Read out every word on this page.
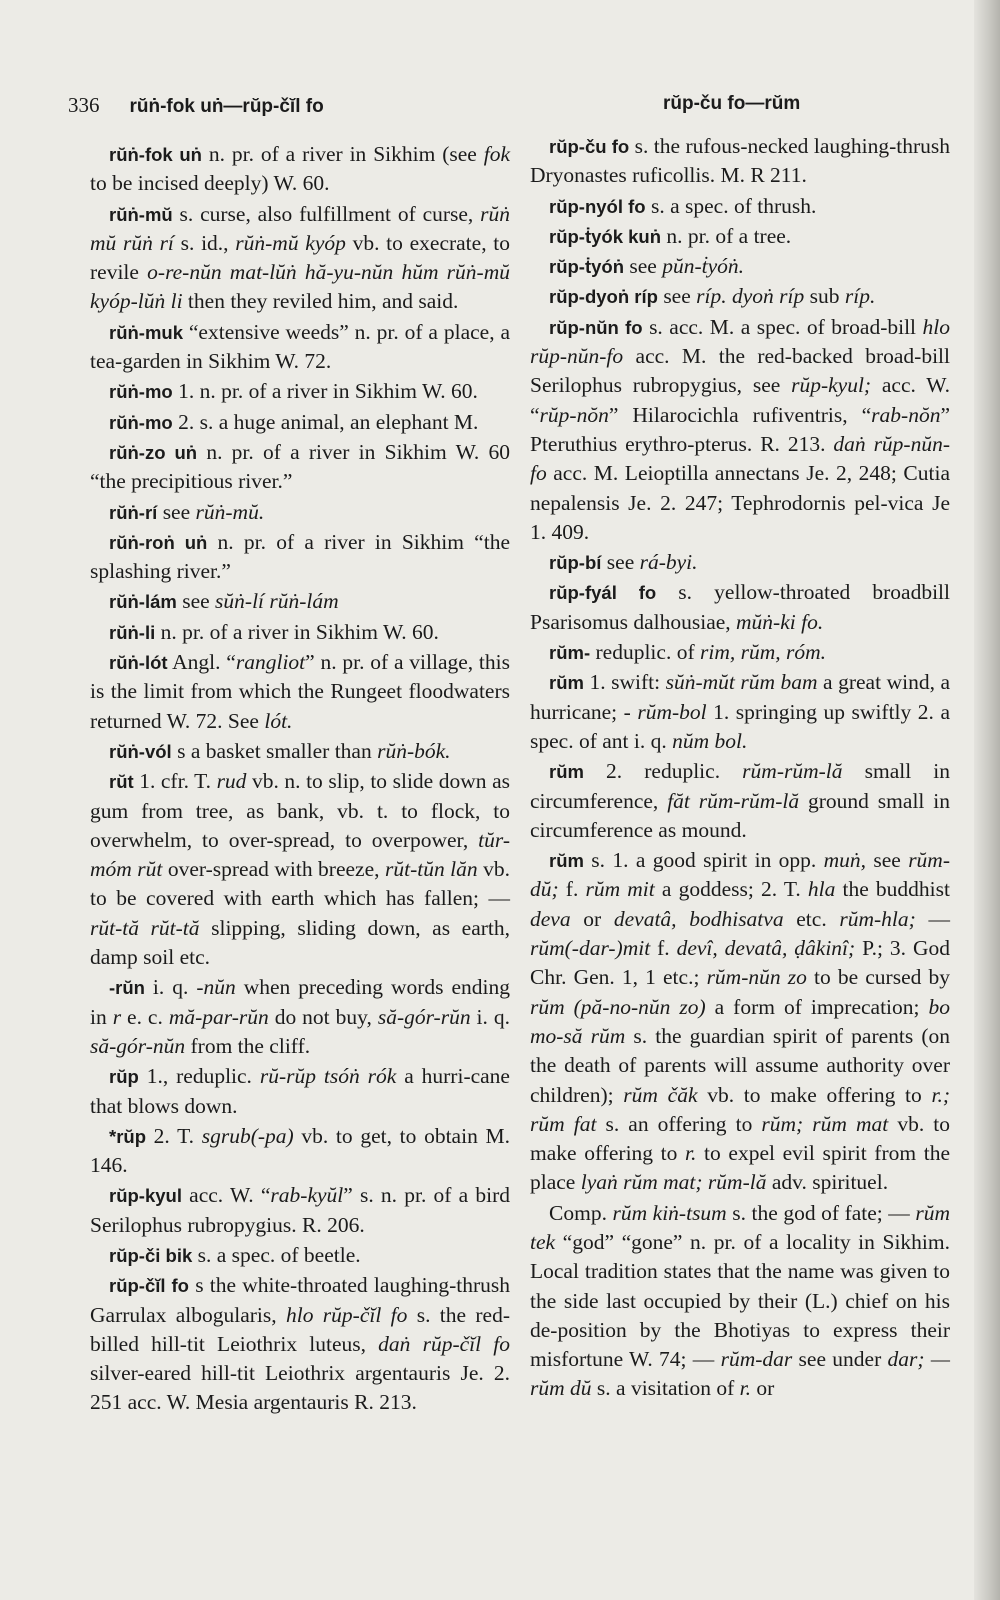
336 rŭṅ-fok uṅ—rŭp-čĭl fo	rŭp-ču fo—rŭm
rŭṅ-fok uṅ n. pr. of a river in Sikhim (see fok to be incised deeply) W. 60.
rŭṅ-mŭ s. curse, also fulfillment of curse, rŭṅ mŭ rŭṅ rí s. id., rŭṅ-mŭ kyóp vb. to execrate, to revile o-re-nŭn mat-lŭṅ hă-yu-nŭn hŭm rŭṅ-mŭ kyóp-lŭṅ li then they reviled him, and said.
rŭṅ-muk “extensive weeds” n. pr. of a place, a tea-garden in Sikhim W. 72.
rŭṅ-mo 1. n. pr. of a river in Sikhim W. 60.
rŭṅ-mo 2. s. a huge animal, an elephant M.
rŭṅ-zo uṅ n. pr. of a river in Sikhim W. 60 “the precipitious river.”
rŭṅ-rí see rŭṅ-mŭ.
rŭṅ-roṅ uṅ n. pr. of a river in Sikhim “the splashing river.”
rŭṅ-lám see sŭṅ-lí rŭṅ-lám
rŭṅ-li n. pr. of a river in Sikhim W. 60.
rŭṅ-lót Angl. “rangliot” n. pr. of a village, this is the limit from which the Rungeet floodwaters returned W. 72. See lót.
rŭṅ-vól s a basket smaller than rŭṅ-bók.
rŭt 1. cfr. T. rud vb. n. to slip, to slide down as gum from tree, as bank, vb. t. to flock, to overwhelm, to over-spread, to overpower, tŭr-móm rŭt over-spread with breeze, rŭt-tŭn lăn vb. to be covered with earth which has fallen; — rŭt-tă rŭt-tă slipping, sliding down, as earth, damp soil etc.
-rŭn i. q. -nŭn when preceding words ending in r e. c. mă-par-rŭn do not buy, să-gór-rŭn i. q. să-gór-nŭn from the cliff.
rŭp 1., reduplic. rŭ-rŭp tsóṅ rók a hurri-cane that blows down.
*rŭp 2. T. sgrub(-pa) vb. to get, to obtain M. 146.
rŭp-kyul acc. W. “rab-kyŭl” s. n. pr. of a bird Serilophus rubropygius. R. 206.
rŭp-či bik s. a spec. of beetle.
rŭp-čĭl fo s the white-throated laughing-thrush Garrulax albogularis, hlo rŭp-čĭl fo s. the red-billed hill-tit Leiothrix luteus, daṅ rŭp-čĭl fo silver-eared hill-tit Leiothrix argentauris Je. 2. 251 acc. W. Mesia argentauris R. 213.
rŭp-ču fo s. the rufous-necked laughing-thrush Dryonastes ruficollis. M. R 211.
rŭp-nyól fo s. a spec. of thrush.
rŭp-ṫyók kuṅ n. pr. of a tree.
rŭp-ṫyóṅ see pŭn-ṫyóṅ.
rŭp-dyoṅ ríp see ríp. dyoṅ ríp sub ríp.
rŭp-nŭn fo s. acc. M. a spec. of broad-bill hlo rŭp-nŭn-fo acc. M. the red-backed broad-bill Serilophus rubropygius, see rŭp-kyul; acc. W. “rŭp-nŏn” Hilarocichla rufiventris, “rab-nŏn” Pteruthius erythro-pterus. R. 213. daṅ rŭp-nŭn-fo acc. M. Leioptilla annectans Je. 2, 248; Cutia nepalensis Je. 2. 247; Tephrodornis pel-vica Je 1. 409.
rŭp-bí see rá-byi.
rŭp-fyál fo s. yellow-throated broadbill Psarisomus dalhousiae, mŭṅ-ki fo.
rŭm- reduplic. of rim, rŭm, róm.
rŭm 1. swift: sŭṅ-mŭt rŭm bam a great wind, a hurricane; - rŭm-bol 1. springing up swiftly 2. a spec. of ant i. q. nŭm bol.
rŭm 2. reduplic. rŭm-rŭm-lă small in circumference, făt rŭm-rŭm-lă ground small in circumference as mound.
rŭm s. 1. a good spirit in opp. muṅ, see rŭm-dŭ; f. rŭm mit a goddess; 2. T. hla the buddhist deva or devatâ, bodhisatva etc. rŭm-hla; — rŭm(-dar-)mit f. devî, devatâ, ḍâkinî; P.; 3. God Chr. Gen. 1, 1 etc.; rŭm-nŭn zo to be cursed by rŭm (pă-no-nŭn zo) a form of imprecation; bo mo-să rŭm s. the guardian spirit of parents (on the death of parents will assume authority over children); rŭm čăk vb. to make offering to r.; rŭm fat s. an offering to rŭm; rŭm mat vb. to make offering to r. to expel evil spirit from the place lyaṅ rŭm mat; rŭm-lă adv. spirituel.
Comp. rŭm kiṅ-tsum s. the god of fate; — rŭm tek “god” “gone” n. pr. of a locality in Sikhim. Local tradition states that the name was given to the side last occupied by their (L.) chief on his de-position by the Bhotiyas to express their misfortune W. 74; — rŭm-dar see under dar; — rŭm dŭ s. a visitation of r. or
